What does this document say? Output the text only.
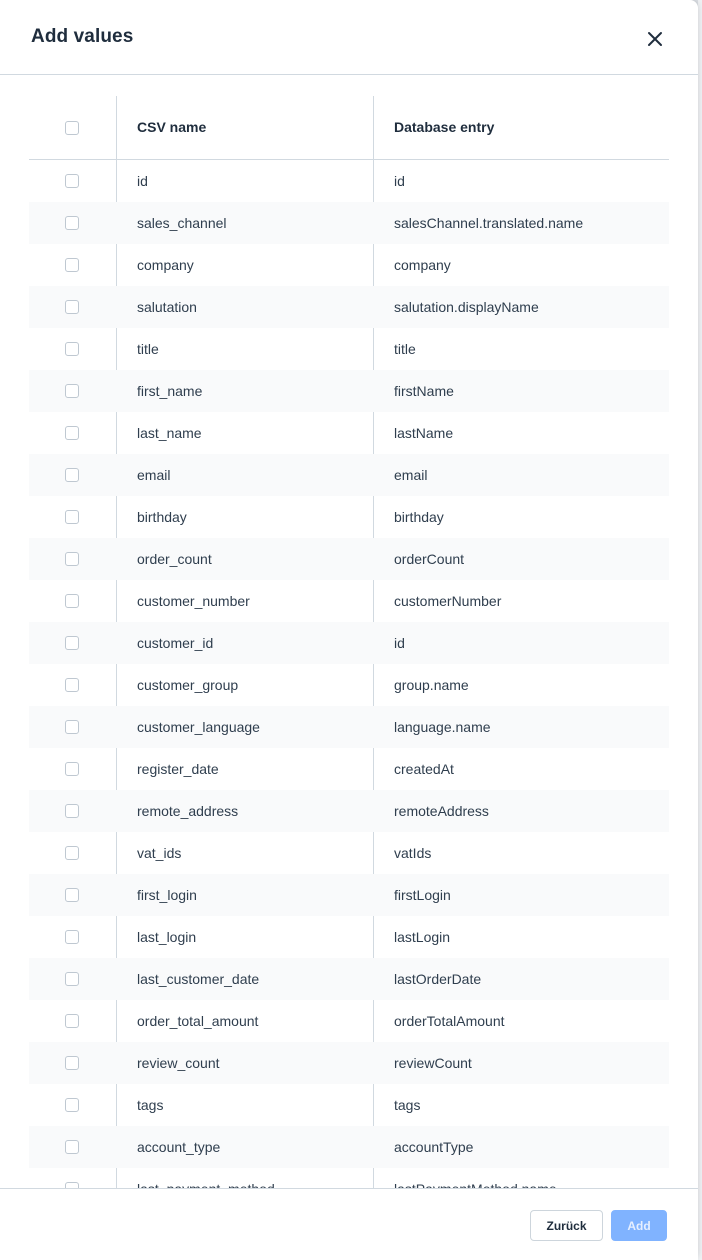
Add values
CSV name	Database entry
id	id
sales_channel	salesChannel.translated.name
company	company
salutation	salutation.displayName
title	title
first_name	firstName
last_name	lastName
email	email
birthday	birthday
order_count	orderCount
customer_number	customerNumber
customer_id	id
customer_group	group.name
customer_language	language.name
register_date	createdAt
remote_address	remoteAddress
vat_ids	vatIds
first_login	firstLogin
last_login	lastLogin
last_customer_date	lastOrderDate
order_total_amount	orderTotalAmount
review_count	reviewCount
tags	tags
account_type	accountType
Zurück	Add
